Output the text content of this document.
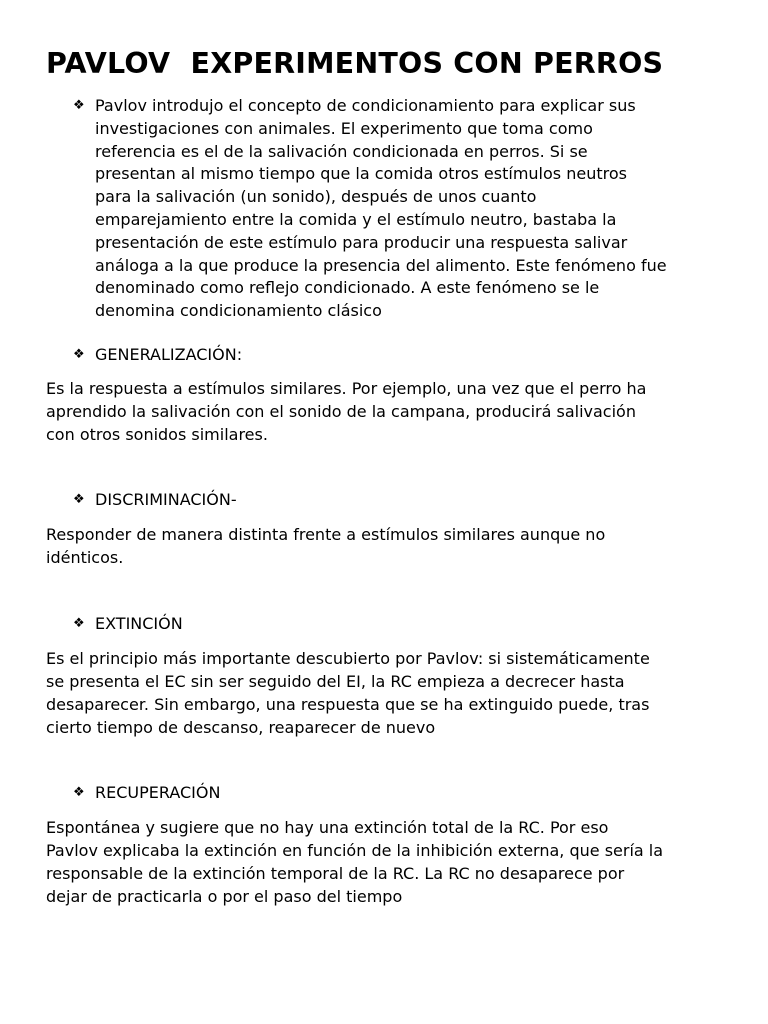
PAVLOV  EXPERIMENTOS CON PERROS
❖ Pavlov introdujo el concepto de condicionamiento para explicar sus
investigaciones con animales. El experimento que toma como
referencia es el de la salivación condicionada en perros. Si se
presentan al mismo tiempo que la comida otros estímulos neutros
para la salivación (un sonido), después de unos cuanto
emparejamiento entre la comida y el estímulo neutro, bastaba la
presentación de este estímulo para producir una respuesta salivar
análoga a la que produce la presencia del alimento. Este fenómeno fue
denominado como reflejo condicionado. A este fenómeno se le
denomina condicionamiento clásico

❖ GENERALIZACIÓN:

Es la respuesta a estímulos similares. Por ejemplo, una vez que el perro ha
aprendido la salivación con el sonido de la campana, producirá salivación
con otros sonidos similares.

❖ DISCRIMINACIÓN-

Responder de manera distinta frente a estímulos similares aunque no
idénticos.

❖ EXTINCIÓN

Es el principio más importante descubierto por Pavlov: si sistemáticamente
se presenta el EC sin ser seguido del EI, la RC empieza a decrecer hasta
desaparecer. Sin embargo, una respuesta que se ha extinguido puede, tras
cierto tiempo de descanso, reaparecer de nuevo

❖ RECUPERACIÓN

Espontánea y sugiere que no hay una extinción total de la RC. Por eso
Pavlov explicaba la extinción en función de la inhibición externa, que sería la
responsable de la extinción temporal de la RC. La RC no desaparece por
dejar de practicarla o por el paso del tiempo
